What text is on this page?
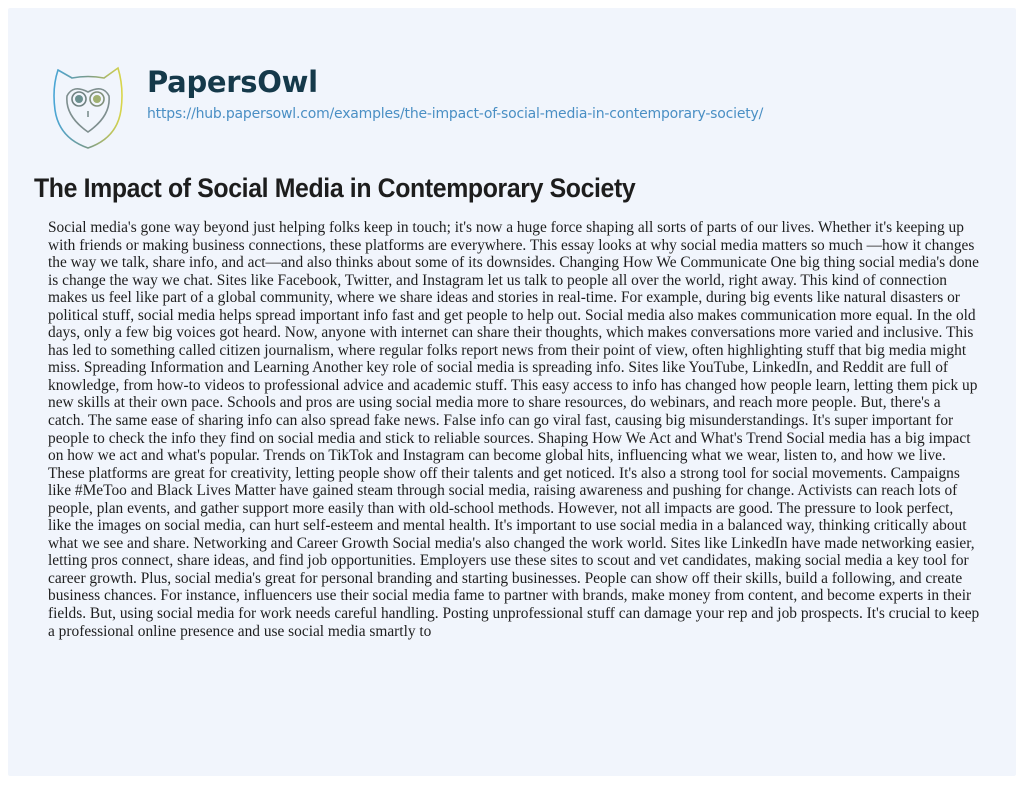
PapersOwl
https://hub.papersowl.com/examples/the-impact-of-social-media-in-contemporary-society/
The Impact of Social Media in Contemporary Society

Social media's gone way beyond just helping folks keep in touch; it's now a huge force shaping all sorts of parts of our lives. Whether it's keeping up with friends or making business connections, these platforms are everywhere. This essay looks at why social media matters so much —how it changes the way we talk, share info, and act—and also thinks about some of its downsides. Changing How We Communicate One big thing social media's done is change the way we chat. Sites like Facebook, Twitter, and Instagram let us talk to people all over the world, right away. This kind of connection makes us feel like part of a global community, where we share ideas and stories in real-time. For example, during big events like natural disasters or political stuff, social media helps spread important info fast and get people to help out. Social media also makes communication more equal. In the old days, only a few big voices got heard. Now, anyone with internet can share their thoughts, which makes conversations more varied and inclusive. This has led to something called citizen journalism, where regular folks report news from their point of view, often highlighting stuff that big media might miss. Spreading Information and Learning Another key role of social media is spreading info. Sites like YouTube, LinkedIn, and Reddit are full of knowledge, from how-to videos to professional advice and academic stuff. This easy access to info has changed how people learn, letting them pick up new skills at their own pace. Schools and pros are using social media more to share resources, do webinars, and reach more people. But, there's a catch. The same ease of sharing info can also spread fake news. False info can go viral fast, causing big misunderstandings. It's super important for people to check the info they find on social media and stick to reliable sources. Shaping How We Act and What's Trend Social media has a big impact on how we act and what's popular. Trends on TikTok and Instagram can become global hits, influencing what we wear, listen to, and how we live. These platforms are great for creativity, letting people show off their talents and get noticed. It's also a strong tool for social movements. Campaigns like #MeToo and Black Lives Matter have gained steam through social media, raising awareness and pushing for change. Activists can reach lots of people, plan events, and gather support more easily than with old-school methods. However, not all impacts are good. The pressure to look perfect, like the images on social media, can hurt self-esteem and mental health. It's important to use social media in a balanced way, thinking critically about what we see and share. Networking and Career Growth Social media's also changed the work world. Sites like LinkedIn have made networking easier, letting pros connect, share ideas, and find job opportunities. Employers use these sites to scout and vet candidates, making social media a key tool for career growth. Plus, social media's great for personal branding and starting businesses. People can show off their skills, build a following, and create business chances. For instance, influencers use their social media fame to partner with brands, make money from content, and become experts in their fields. But, using social media for work needs careful handling. Posting unprofessional stuff can damage your rep and job prospects. It's crucial to keep a professional online presence and use social media smartly to
